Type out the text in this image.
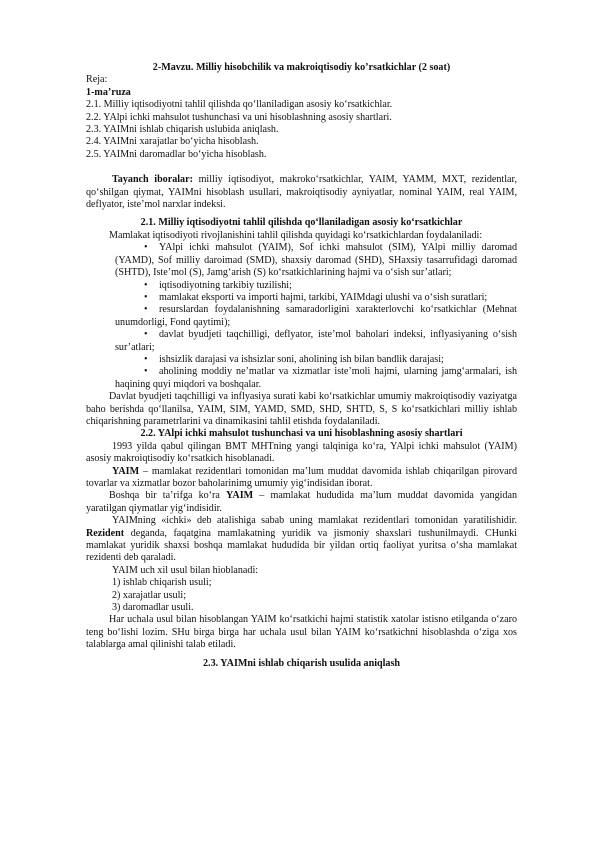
2-Mavzu. Milliy hisobchilik va makroiqtisodiy ko’rsatkichlar (2 soat)

Reja:

1-ma’ruza

2.1. Milliy iqtisodiyotni tahlil qilishda qo‘llaniladigan asosiy ko‘rsatkichlar.

2.2. YAlpi ichki mahsulot tushunchasi va uni hisoblashning asosiy shartlari.

2.3. YAIMni ishlab chiqarish uslubida aniqlash.

2.4. YAIMni xarajatlar bo‘yicha hisoblash.

2.5. YAIMni daromadlar bo‘yicha hisoblash.

Tayanch iboralar: milliy iqtisodiyot, makroko‘rsatkichlar, YAIM, YAMM, MXT, rezidentlar, qo‘shilgan qiymat, YAIMni hisoblash usullari, makroiqtisodiy ayniyatlar, nominal YAIM, real YAIM, deflyator, iste’mol narxlar indeksi.

2.1. Milliy iqtisodiyotni tahlil qilishda qo‘llaniladigan asosiy ko‘rsatkichlar

Mamlakat iqtisodiyoti rivojlanishini tahlil qilishda quyidagi ko‘rsatkichlardan foydalaniladi:

•	YAlpi ichki mahsulot (YAIM), Sof ichki mahsulot (SIM), YAlpi milliy daromad (YAMD), Sof milliy daroimad (SMD), shaxsiy daromad (SHD), SHaxsiy tasarrufidagi daromad (SHTD), Iste’mol (S), Jamg‘arish (S) ko‘rsatkichlarining hajmi va o‘sish sur’atlari;
•	iqtisodiyotning tarkibiy tuzilishi;
•	mamlakat eksporti va importi hajmi, tarkibi, YAIMdagi ulushi va o‘sish suratlari;
•	resurslardan foydalanishning samaradorligini xarakterlovchi ko‘rsatkichlar (Mehnat unumdorligi, Fond qaytimi);
•	davlat byudjeti taqchilligi, deflyator, iste’mol baholari indeksi, inflyasiyaning o‘sish sur’atlari;
•	ishsizlik darajasi va ishsizlar soni, aholining ish bilan bandlik darajasi;
•	aholining moddiy ne’matlar va xizmatlar iste’moli hajmi, ularning jamg‘armalari, ish haqining quyi miqdori va boshqalar.

Davlat byudjeti taqchilligi va inflyasiya surati kabi ko‘rsatkichlar umumiy makroiqtisodiy vaziyatga baho berishda qo‘llanilsa, YAIM, SIM, YAMD, SMD, SHD, SHTD, S, S ko‘rsatkichlari milliy ishlab chiqarishning parametrlarini va dinamikasini tahlil etishda foydalaniladi.

2.2. YAlpi ichki mahsulot tushunchasi va uni hisoblashning asosiy shartlari

1993 yilda qabul qilingan BMT MHTning yangi talqiniga ko‘ra, YAlpi ichki mahsulot (YAIM) asosiy makroiqtisodiy ko‘rsatkich hisoblanadi.

YAIM – mamlakat rezidentlari tomonidan ma’lum muddat davomida ishlab chiqarilgan pirovard tovarlar va xizmatlar bozor baholarinimg umumiy yig‘indisidan iborat.

Boshqa bir ta’rifga ko‘ra YAIM – mamlakat hududida ma’lum muddat davomida yangidan yaratilgan qiymatlar yig‘indisidir.

YAIMning «ichki» deb atalishiga sabab uning mamlakat rezidentlari tomonidan yaratilishidir. Rezident deganda, faqatgina mamlakatning yuridik va jismoniy shaxslari tushunilmaydi. CHunki mamlakat yuridik shaxsi boshqa mamlakat hududida bir yildan ortiq faoliyat yuritsa o‘sha mamlakat rezidenti deb qaraladi.

YAIM uch xil usul bilan hioblanadi:

1) ishlab chiqarish usuli;

2) xarajatlar usuli;

3) daromadlar usuli.

Har uchala usul bilan hisoblangan YAIM ko‘rsatkichi hajmi statistik xatolar istisno etilganda o‘zaro teng bo‘lishi lozim. SHu birga birga har uchala usul bilan YAIM ko‘rsatkichni hisoblashda o‘ziga xos talablarga amal qilinishi talab etiladi.

2.3. YAIMni ishlab chiqarish usulida aniqlash
